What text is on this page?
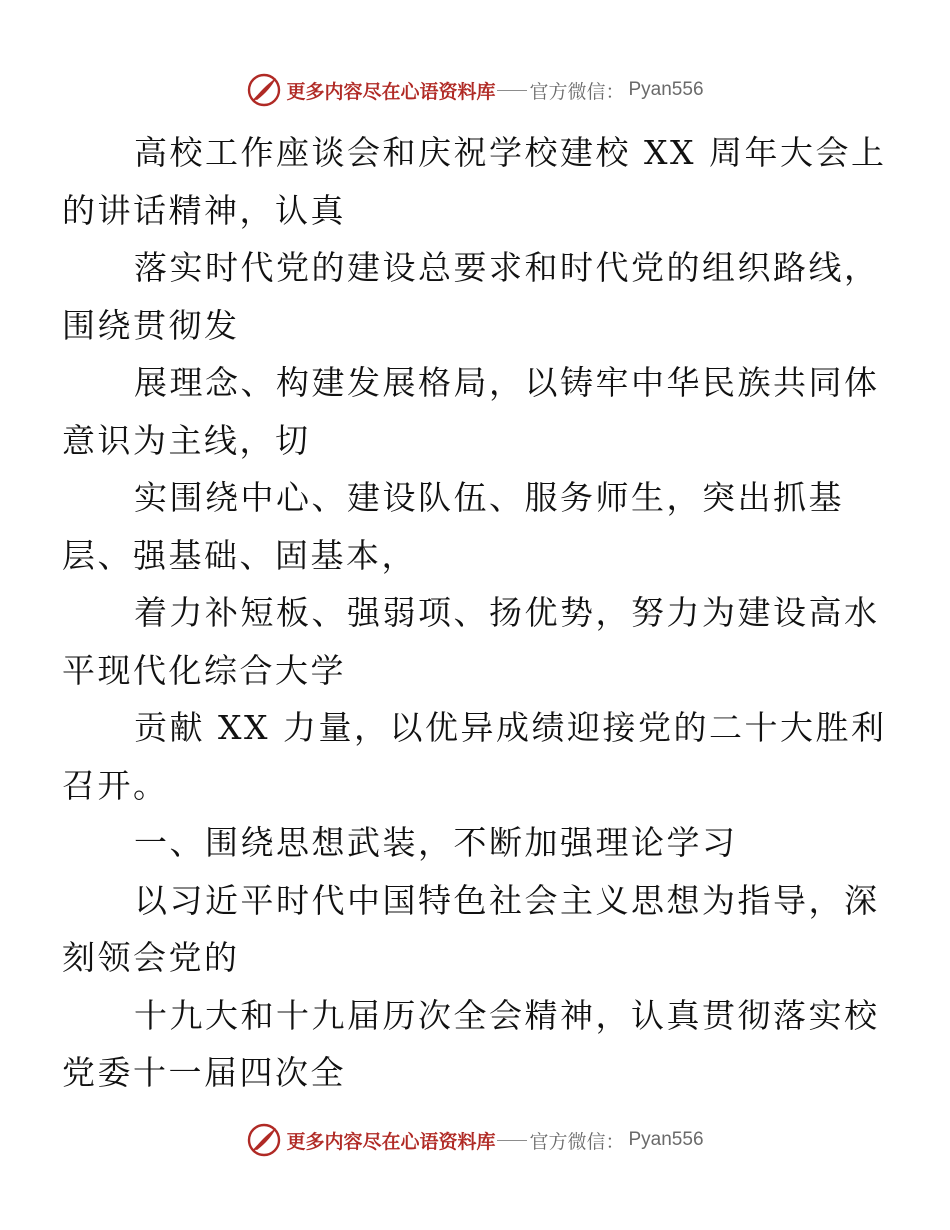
更多内容尽在心语资料库 官方微信： Pyan556

高校工作座谈会和庆祝学校建校 XX 周年大会上
的讲话精神，认真

落实时代党的建设总要求和时代党的组织路线，
围绕贯彻发

展理念、构建发展格局，以铸牢中华民族共同体
意识为主线，切

实围绕中心、建设队伍、服务师生，突出抓基
层、强基础、固基本，

着力补短板、强弱项、扬优势，努力为建设高水
平现代化综合大学

贡献 XX 力量，以优异成绩迎接党的二十大胜利
召开。

一、围绕思想武装，不断加强理论学习

以习近平时代中国特色社会主义思想为指导，深
刻领会党的

十九大和十九届历次全会精神，认真贯彻落实校
党委十一届四次全

更多内容尽在心语资料库 官方微信： Pyan556
